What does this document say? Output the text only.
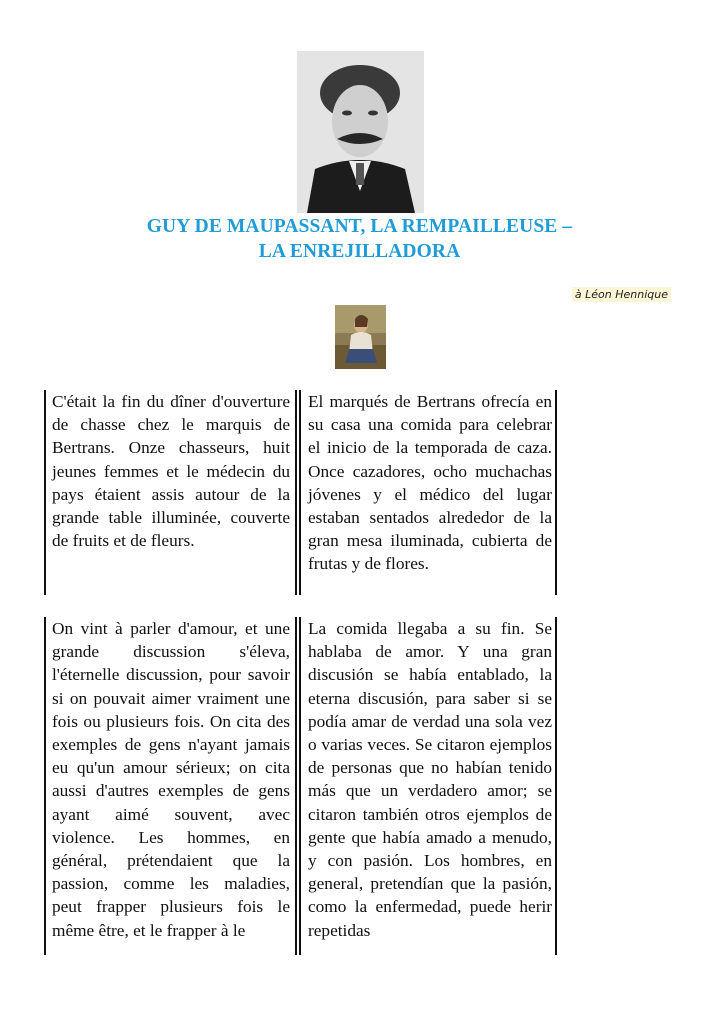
GUY DE MAUPASSANT, LA REMPAILLEUSE –
LA ENREJILLADORA
à Léon Hennique

C'était la fin du dîner d'ouverture de chasse chez le marquis de Bertrans. Onze chasseurs, huit jeunes femmes et le médecin du pays étaient assis autour de la grande table illuminée, couverte de fruits et de fleurs.

El marqués de Bertrans ofrecía en su casa una comida para celebrar el inicio de la temporada de caza. Once cazadores, ocho muchachas jóvenes y el médico del lugar estaban sentados alrededor de la gran mesa iluminada, cubierta de frutas y de flores.

On vint à parler d'amour, et une grande discussion s'éleva, l'éternelle discussion, pour savoir si on pouvait aimer vraiment une fois ou plusieurs fois. On cita des exemples de gens n'ayant jamais eu qu'un amour sérieux; on cita aussi d'autres exemples de gens ayant aimé souvent, avec violence. Les hommes, en général, prétendaient que la passion, comme les maladies, peut frapper plusieurs fois le même être, et le frapper à le

La comida llegaba a su fin. Se hablaba de amor. Y una gran discusión se había entablado, la eterna discusión, para saber si se podía amar de verdad una sola vez o varias veces. Se citaron ejemplos de personas que no habían tenido más que un verdadero amor; se citaron también otros ejemplos de gente que había amado a menudo, y con pasión. Los hombres, en general, pretendían que la pasión, como la enfermedad, puede herir repetidas
